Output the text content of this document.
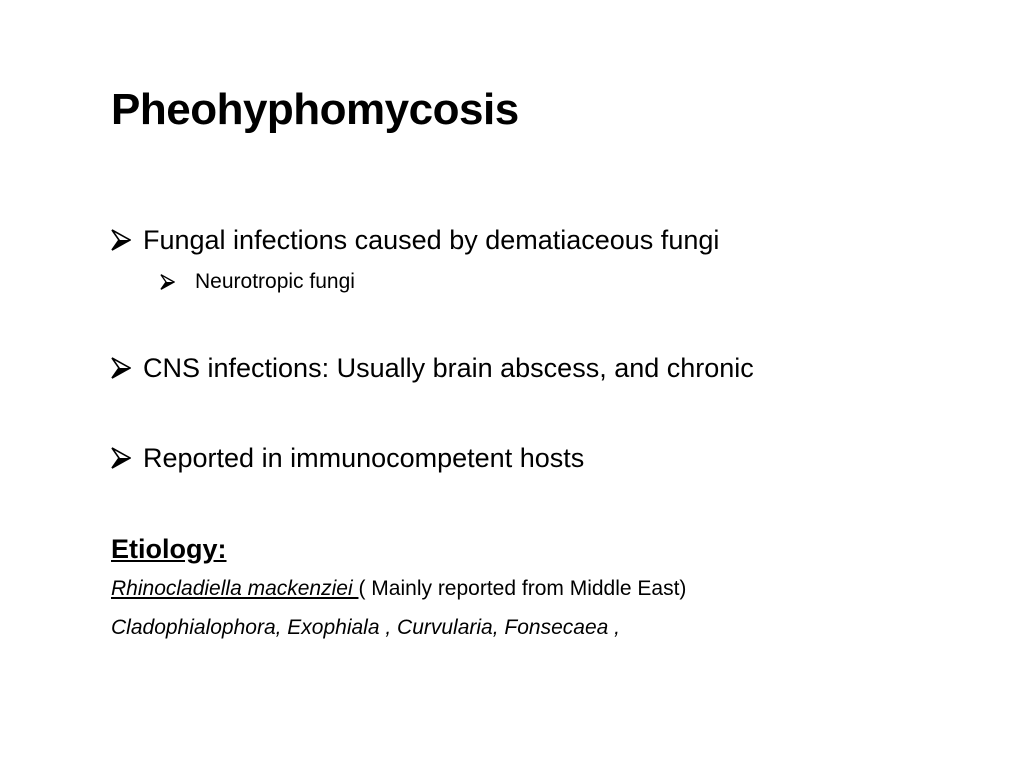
Pheohyphomycosis
Fungal infections caused by dematiaceous fungi
Neurotropic fungi
CNS infections: Usually brain abscess, and chronic
Reported in immunocompetent hosts
Etiology:
Rhinocladiella mackenziei ( Mainly reported from Middle East)
Cladophialophora, Exophiala , Curvularia, Fonsecaea ,
